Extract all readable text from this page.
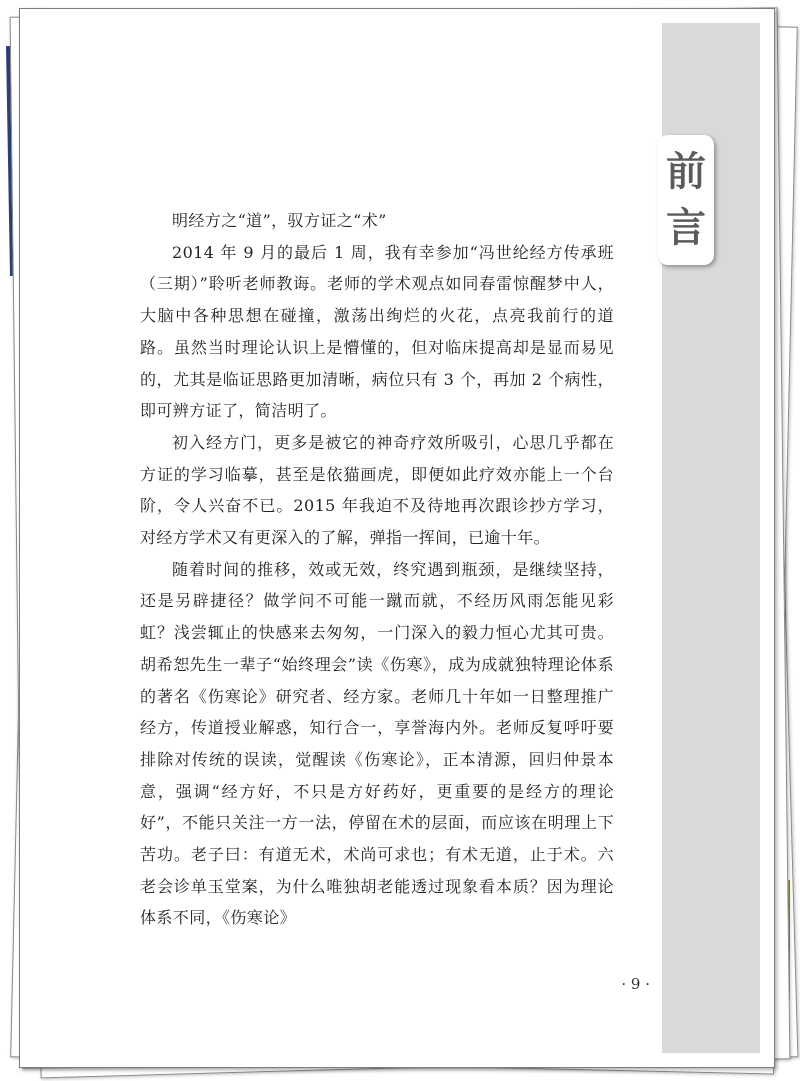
前
言

明经方之“道”，驭方证之“术”

2014 年 9 月的最后 1 周，我有幸参加“冯世纶经方传承班（三期）”聆听老师教诲。老师的学术观点如同春雷惊醒梦中人，大脑中各种思想在碰撞，激荡出绚烂的火花，点亮我前行的道路。虽然当时理论认识上是懵懂的，但对临床提高却是显而易见的，尤其是临证思路更加清晰，病位只有 3 个，再加 2 个病性，即可辨方证了，简洁明了。

初入经方门，更多是被它的神奇疗效所吸引，心思几乎都在方证的学习临摹，甚至是依猫画虎，即便如此疗效亦能上一个台阶，令人兴奋不已。2015 年我迫不及待地再次跟诊抄方学习，对经方学术又有更深入的了解，弹指一挥间，已逾十年。

随着时间的推移，效或无效，终究遇到瓶颈，是继续坚持，还是另辟捷径？做学问不可能一蹴而就，不经历风雨怎能见彩虹？浅尝辄止的快感来去匆匆，一门深入的毅力恒心尤其可贵。胡希恕先生一辈子“始终理会”读《伤寒》，成为成就独特理论体系的著名《伤寒论》研究者、经方家。老师几十年如一日整理推广经方，传道授业解惑，知行合一，享誉海内外。老师反复呼吁要排除对传统的误读，觉醒读《伤寒论》，正本清源，回归仲景本意，强调“经方好，不只是方好药好，更重要的是经方的理论好”，不能只关注一方一法，停留在术的层面，而应该在明理上下苦功。老子曰：有道无术，术尚可求也；有术无道，止于术。六老会诊单玉堂案，为什么唯独胡老能透过现象看本质？因为理论体系不同，《伤寒论》

· 9 ·
